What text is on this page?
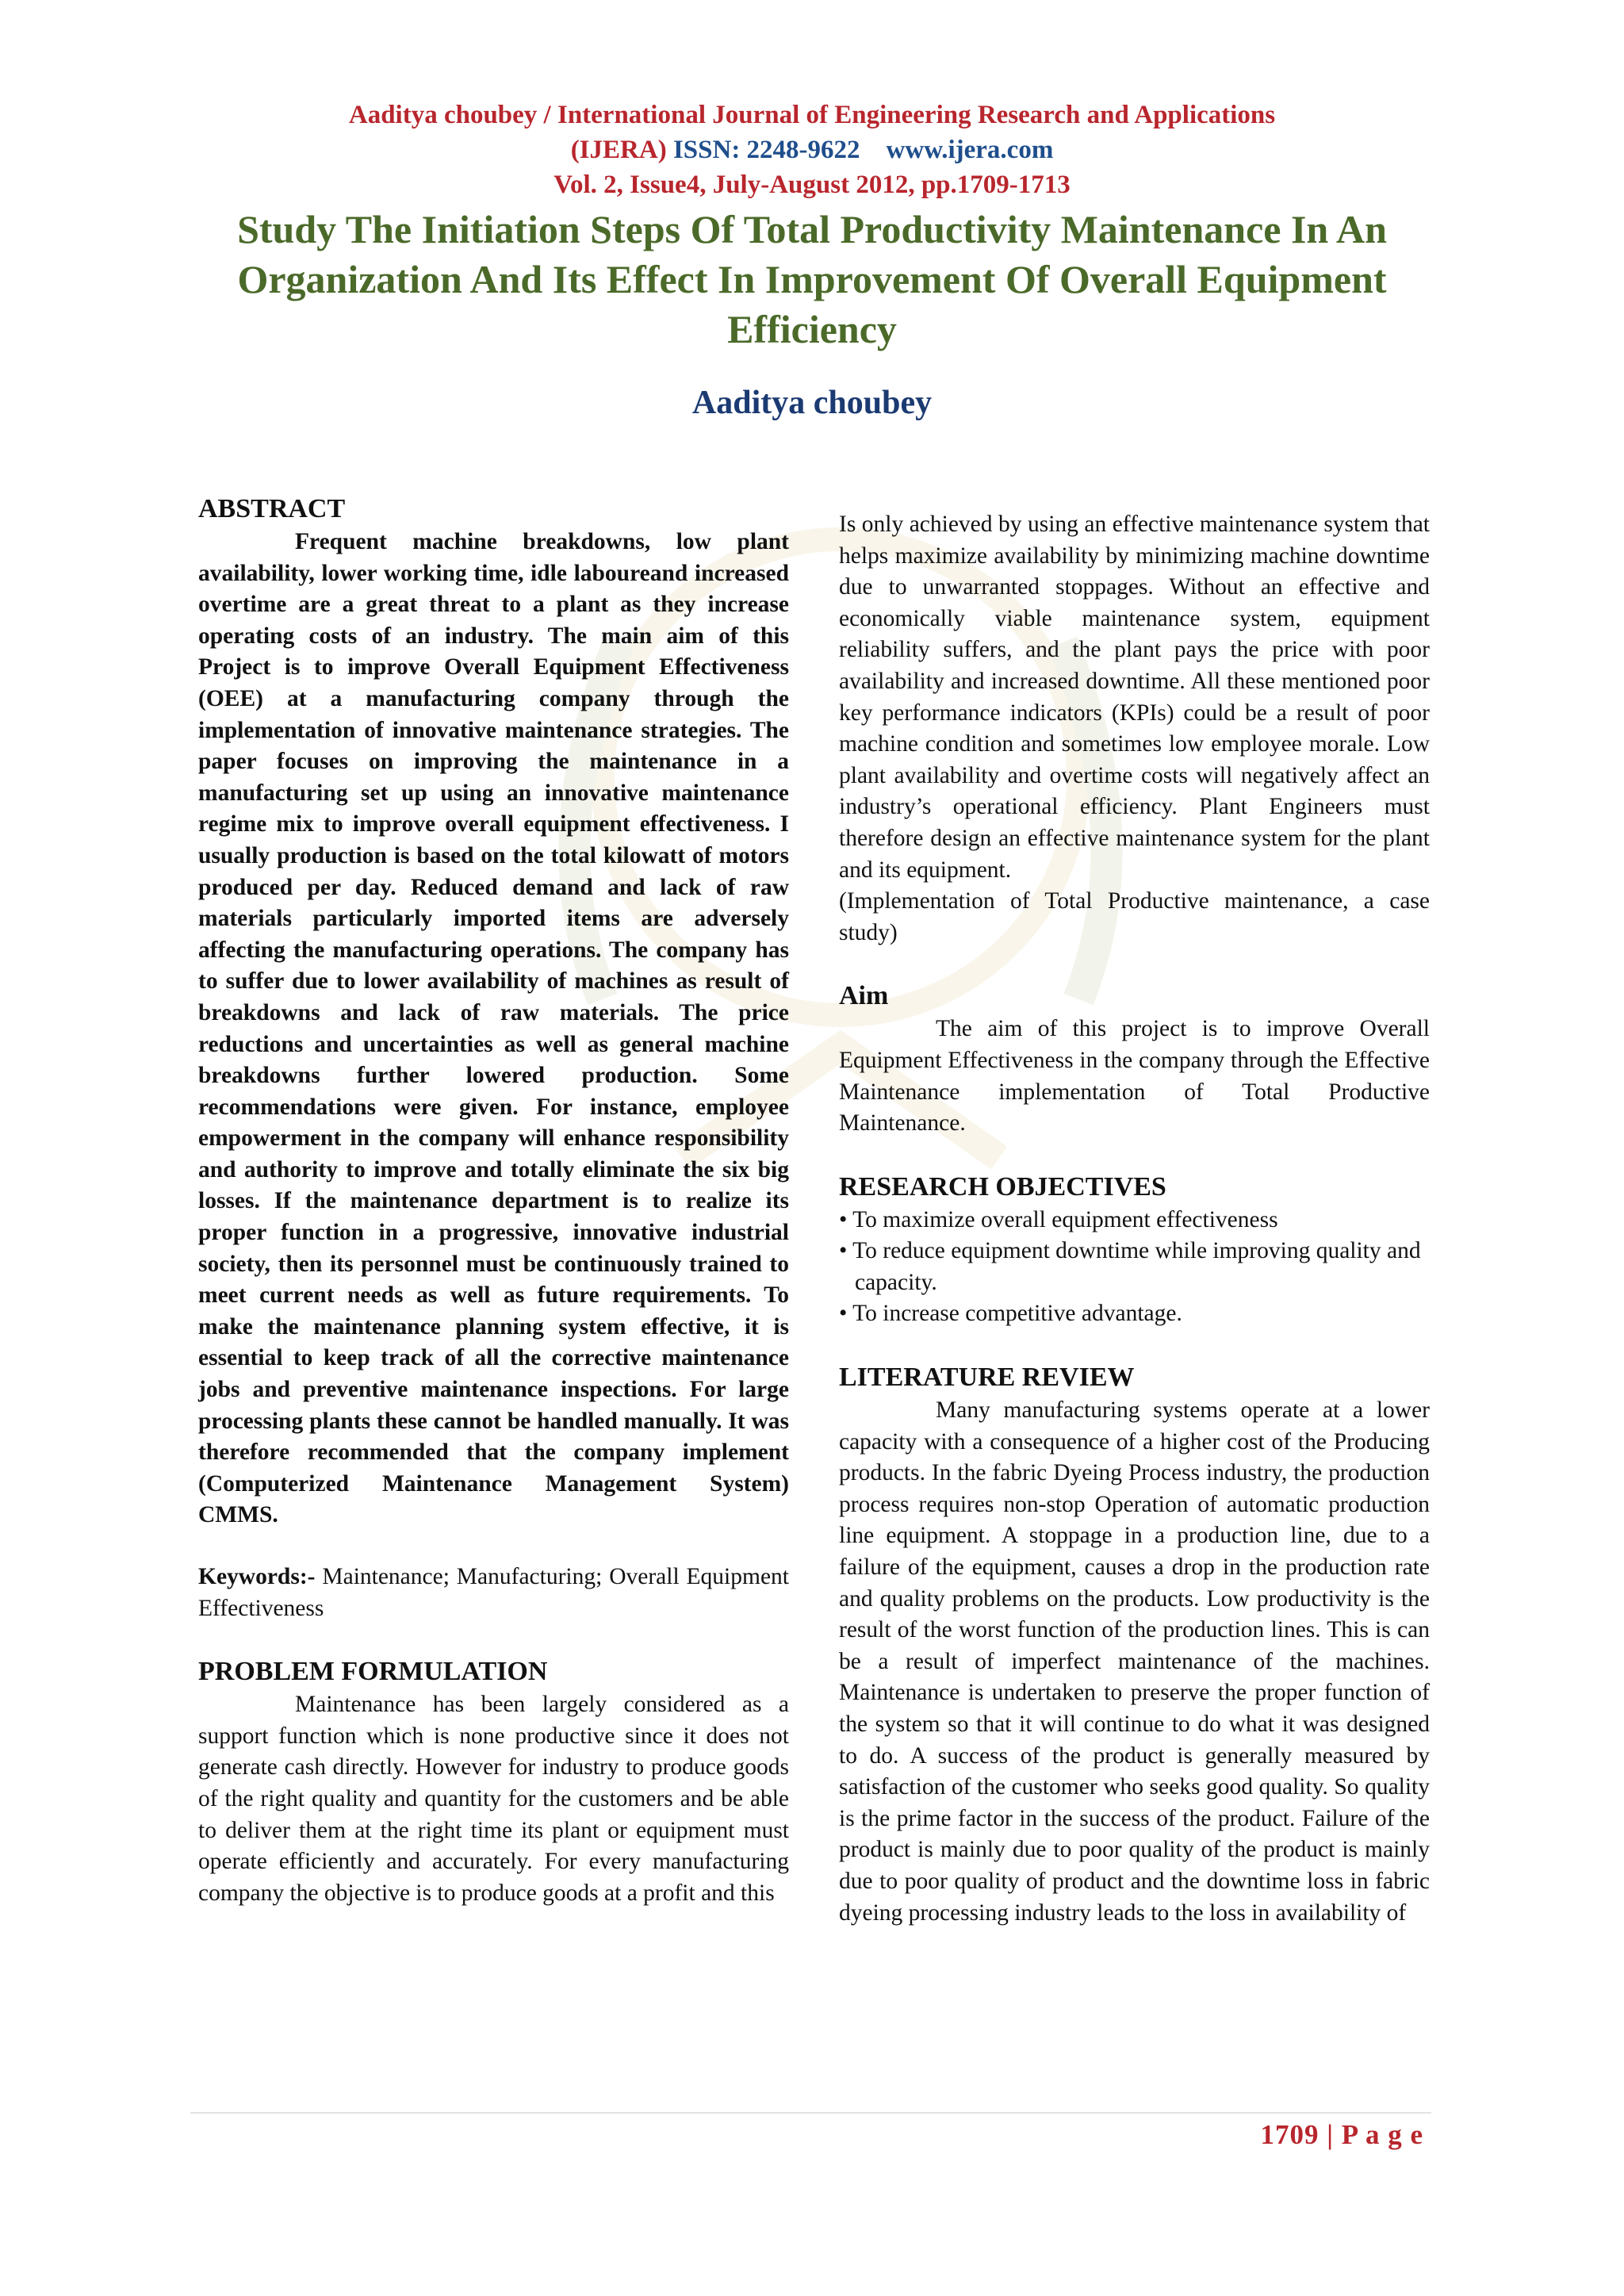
Aaditya choubey / International Journal of Engineering Research and Applications
(IJERA) ISSN: 2248-9622 www.ijera.com
Vol. 2, Issue4, July-August 2012, pp.1709-1713
Study The Initiation Steps Of Total Productivity Maintenance In An Organization And Its Effect In Improvement Of Overall Equipment Efficiency
Aaditya choubey
ABSTRACT

Frequent machine breakdowns, low plant availability, lower working time, idle laboureand increased overtime are a great threat to a plant as they increase operating costs of an industry. The main aim of this Project is to improve Overall Equipment Effectiveness (OEE) at a manufacturing company through the implementation of innovative maintenance strategies. The paper focuses on improving the maintenance in a manufacturing set up using an innovative maintenance regime mix to improve overall equipment effectiveness. I usually production is based on the total kilowatt of motors produced per day. Reduced demand and lack of raw materials particularly imported items are adversely affecting the manufacturing operations. The company has to suffer due to lower availability of machines as result of breakdowns and lack of raw materials. The price reductions and uncertainties as well as general machine breakdowns further lowered production. Some recommendations were given. For instance, employee empowerment in the company will enhance responsibility and authority to improve and totally eliminate the six big losses. If the maintenance department is to realize its proper function in a progressive, innovative industrial society, then its personnel must be continuously trained to meet current needs as well as future requirements. To make the maintenance planning system effective, it is essential to keep track of all the corrective maintenance jobs and preventive maintenance inspections. For large processing plants these cannot be handled manually. It was therefore recommended that the company implement (Computerized Maintenance Management System) CMMS.

Keywords:- Maintenance; Manufacturing; Overall Equipment Effectiveness

PROBLEM FORMULATION

Maintenance has been largely considered as a support function which is none productive since it does not generate cash directly. However for industry to produce goods of the right quality and quantity for the customers and be able to deliver them at the right time its plant or equipment must operate efficiently and accurately. For every manufacturing company the objective is to produce goods at a profit and this

Is only achieved by using an effective maintenance system that helps maximize availability by minimizing machine downtime due to unwarranted stoppages. Without an effective and economically viable maintenance system, equipment reliability suffers, and the plant pays the price with poor availability and increased downtime. All these mentioned poor key performance indicators (KPIs) could be a result of poor machine condition and sometimes low employee morale. Low plant availability and overtime costs will negatively affect an industry’s operational efficiency. Plant Engineers must therefore design an effective maintenance system for the plant and its equipment.

(Implementation of Total Productive maintenance, a case study)

Aim

The aim of this project is to improve Overall Equipment Effectiveness in the company through the Effective Maintenance implementation of Total Productive Maintenance.

RESEARCH OBJECTIVES
• To maximize overall equipment effectiveness
• To reduce equipment downtime while improving quality and capacity.
• To increase competitive advantage.
LITERATURE REVIEW

Many manufacturing systems operate at a lower capacity with a consequence of a higher cost of the Producing products. In the fabric Dyeing Process industry, the production process requires non-stop Operation of automatic production line equipment. A stoppage in a production line, due to a failure of the equipment, causes a drop in the production rate and quality problems on the products. Low productivity is the result of the worst function of the production lines. This is can be a result of imperfect maintenance of the machines. Maintenance is undertaken to preserve the proper function of the system so that it will continue to do what it was designed to do. A success of the product is generally measured by satisfaction of the customer who seeks good quality. So quality is the prime factor in the success of the product. Failure of the product is mainly due to poor quality of the product is mainly due to poor quality of product and the downtime loss in fabric dyeing processing industry leads to the loss in availability of

1709 | P a g e
